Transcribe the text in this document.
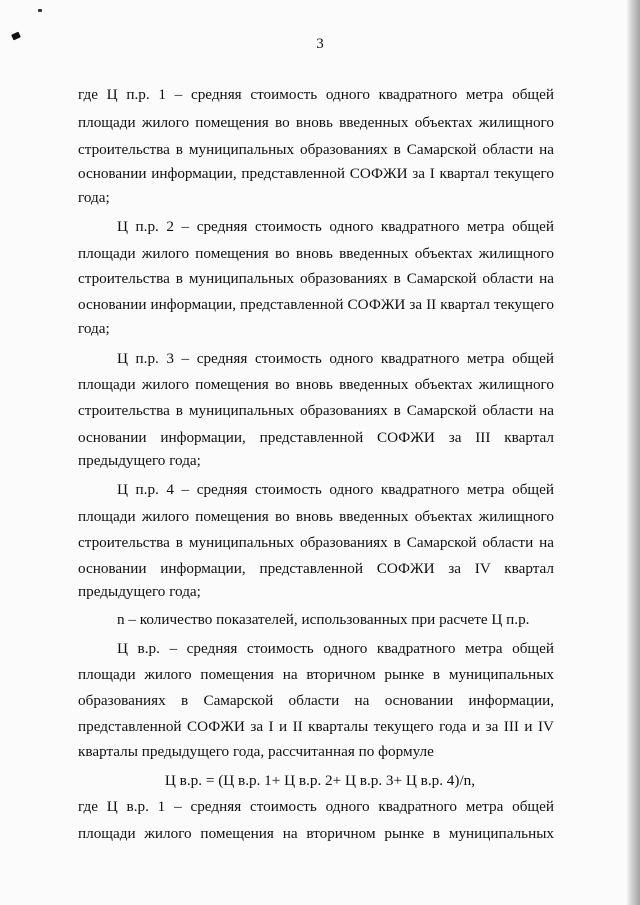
3
где Ц п.р. 1 – средняя стоимость одного квадратного метра общей
площади жилого помещения во вновь введенных объектах жилищного
строительства в муниципальных образованиях в Самарской области на
основании информации, представленной СОФЖИ за I квартал текущего
года;
Ц п.р. 2 – средняя стоимость одного квадратного метра общей
площади жилого помещения во вновь введенных объектах жилищного
строительства в муниципальных образованиях в Самарской области на
основании информации, представленной СОФЖИ за II квартал текущего
года;
Ц п.р. 3 – средняя стоимость одного квадратного метра общей
площади жилого помещения во вновь введенных объектах жилищного
строительства в муниципальных образованиях в Самарской области на
основании информации, представленной СОФЖИ за III квартал
предыдущего года;
Ц п.р. 4 – средняя стоимость одного квадратного метра общей
площади жилого помещения во вновь введенных объектах жилищного
строительства в муниципальных образованиях в Самарской области на
основании информации, представленной СОФЖИ за IV квартал
предыдущего года;
n – количество показателей, использованных при расчете Ц п.р.
Ц в.р. – средняя стоимость одного квадратного метра общей
площади жилого помещения на вторичном рынке в муниципальных
образованиях в Самарской области на основании информации,
представленной СОФЖИ за I и II кварталы текущего года и за III и IV
кварталы предыдущего года, рассчитанная по формуле
Ц в.р. = (Ц в.р. 1+ Ц в.р. 2+ Ц в.р. 3+ Ц в.р. 4)/n,
где Ц в.р. 1 – средняя стоимость одного квадратного метра общей
площади жилого помещения на вторичном рынке в муниципальных
